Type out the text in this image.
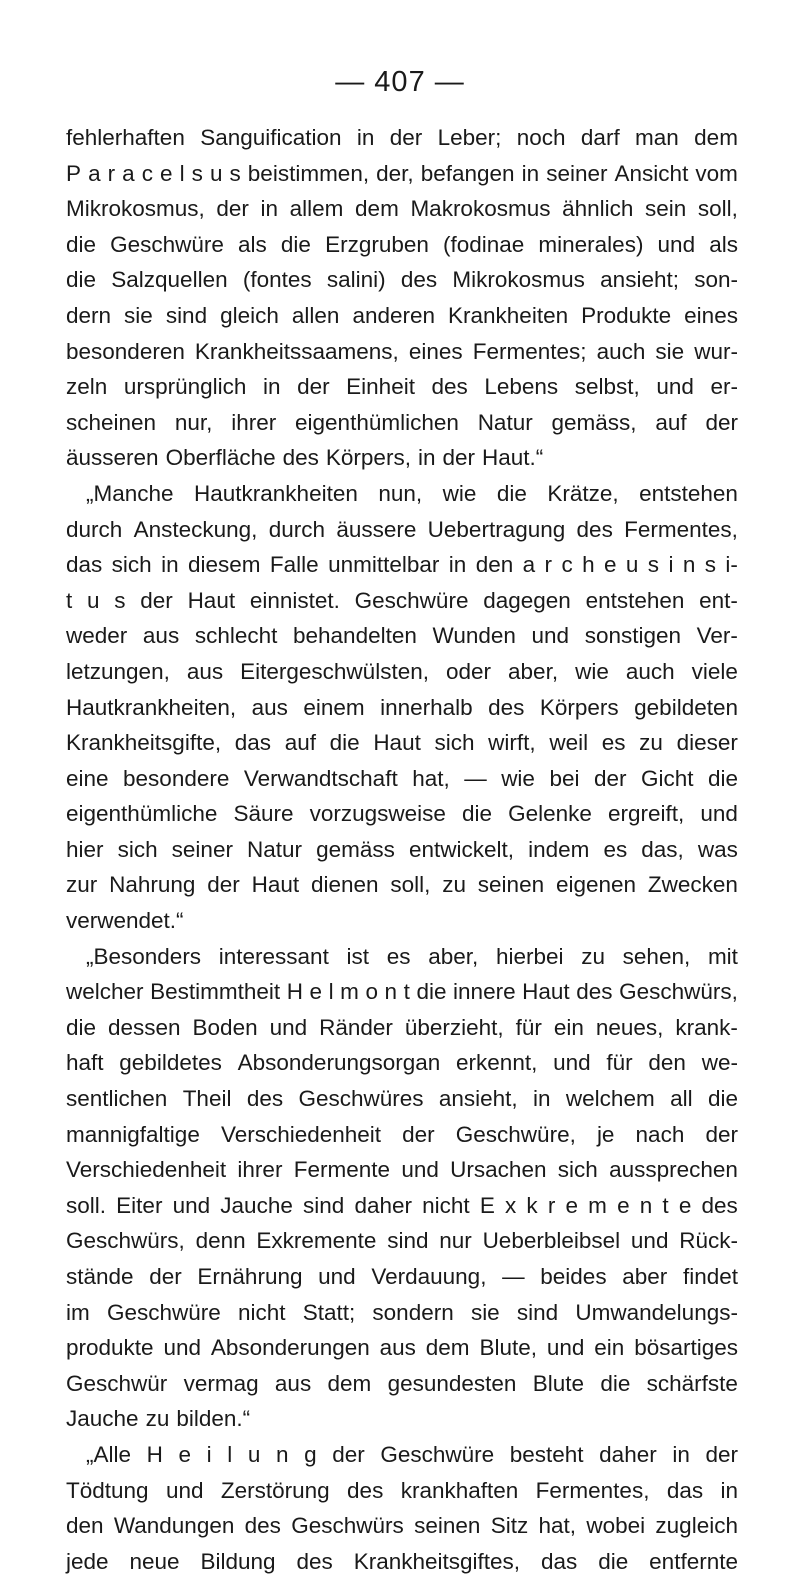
— 407 —
fehlerhaften Sanguification in der Leber; noch darf man dem
P a r a c e l s u s beistimmen, der, befangen in seiner Ansicht vom
Mikrokosmus, der in allem dem Makrokosmus ähnlich sein soll,
die Geschwüre als die Erzgruben (fodinae minerales) und als
die Salzquellen (fontes salini) des Mikrokosmus ansieht; son-
dern sie sind gleich allen anderen Krankheiten Produkte eines
besonderen Krankheitssaamens, eines Fermentes; auch sie wur-
zeln ursprünglich in der Einheit des Lebens selbst, und er-
scheinen nur, ihrer eigenthümlichen Natur gemäss, auf der
äusseren Oberfläche des Körpers, in der Haut.“
„Manche Hautkrankheiten nun, wie die Krätze, entstehen
durch Ansteckung, durch äussere Uebertragung des Fermentes,
das sich in diesem Falle unmittelbar in den a r c h e u s i n s i-
t u s der Haut einnistet. Geschwüre dagegen entstehen ent-
weder aus schlecht behandelten Wunden und sonstigen Ver-
letzungen, aus Eitergeschwülsten, oder aber, wie auch viele
Hautkrankheiten, aus einem innerhalb des Körpers gebildeten
Krankheitsgifte, das auf die Haut sich wirft, weil es zu dieser
eine besondere Verwandtschaft hat, — wie bei der Gicht die
eigenthümliche Säure vorzugsweise die Gelenke ergreift, und
hier sich seiner Natur gemäss entwickelt, indem es das, was
zur Nahrung der Haut dienen soll, zu seinen eigenen Zwecken
verwendet.“
„Besonders interessant ist es aber, hierbei zu sehen, mit
welcher Bestimmtheit H e l m o n t die innere Haut des Geschwürs,
die dessen Boden und Ränder überzieht, für ein neues, krank-
haft gebildetes Absonderungsorgan erkennt, und für den we-
sentlichen Theil des Geschwüres ansieht, in welchem all die
mannigfaltige Verschiedenheit der Geschwüre, je nach der
Verschiedenheit ihrer Fermente und Ursachen sich aussprechen
soll. Eiter und Jauche sind daher nicht E x k r e m e n t e des
Geschwürs, denn Exkremente sind nur Ueberbleibsel und Rück-
stände der Ernährung und Verdauung, — beides aber findet
im Geschwüre nicht Statt; sondern sie sind Umwandelungs-
produkte und Absonderungen aus dem Blute, und ein bösartiges
Geschwür vermag aus dem gesundesten Blute die schärfste
Jauche zu bilden.“
„Alle H e i l u n g der Geschwüre besteht daher in der
Tödtung und Zerstörung des krankhaften Fermentes, das in
den Wandungen des Geschwürs seinen Sitz hat, wobei zugleich
jede neue Bildung des Krankheitsgiftes, das die entfernte
